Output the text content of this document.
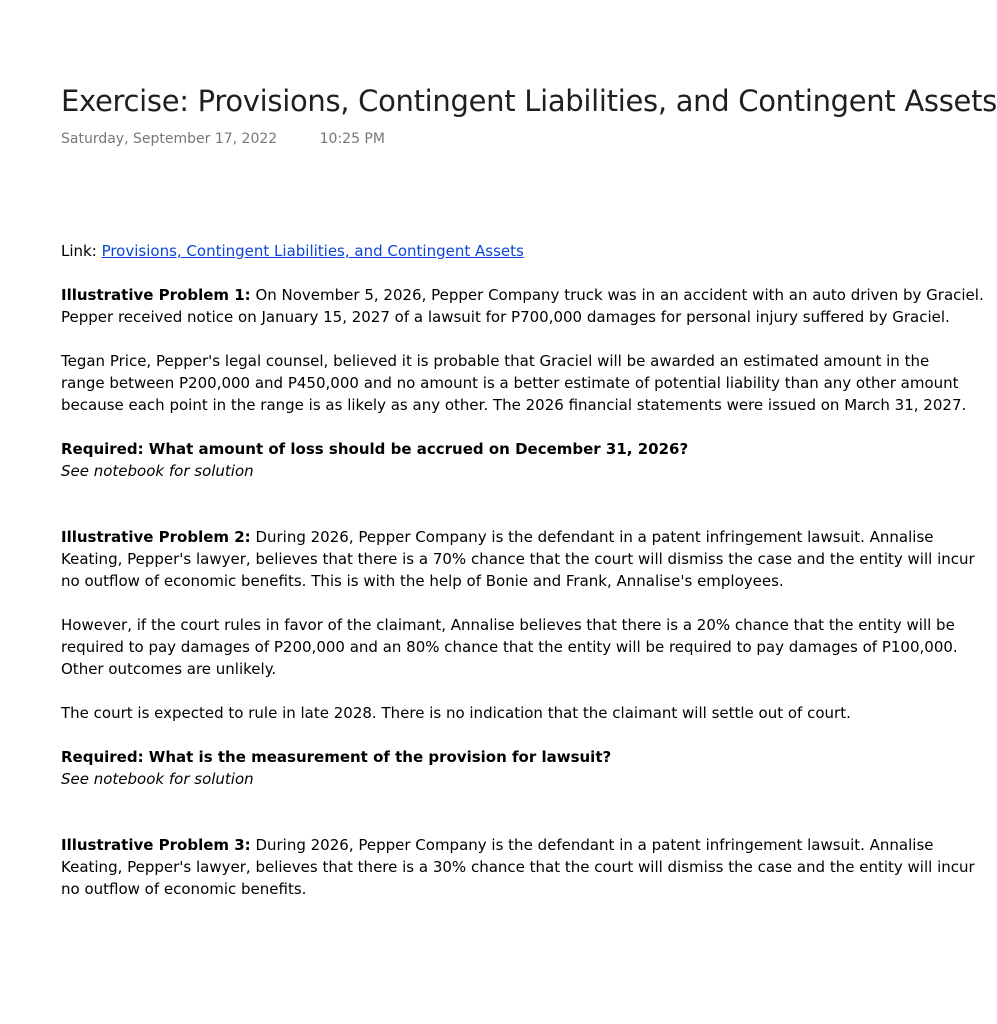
Exercise: Provisions, Contingent Liabilities, and Contingent Assets
Saturday, September 17, 2022	10:25 PM
Link: Provisions, Contingent Liabilities, and Contingent Assets
Illustrative Problem 1: On November 5, 2026, Pepper Company truck was in an accident with an auto driven by Graciel.
Pepper received notice on January 15, 2027 of a lawsuit for P700,000 damages for personal injury suffered by Graciel.
Tegan Price, Pepper's legal counsel, believed it is probable that Graciel will be awarded an estimated amount in the
range between P200,000 and P450,000 and no amount is a better estimate of potential liability than any other amount
because each point in the range is as likely as any other. The 2026 financial statements were issued on March 31, 2027.
Required: What amount of loss should be accrued on December 31, 2026?
See notebook for solution
Illustrative Problem 2: During 2026, Pepper Company is the defendant in a patent infringement lawsuit. Annalise
Keating, Pepper's lawyer, believes that there is a 70% chance that the court will dismiss the case and the entity will incur
no outflow of economic benefits. This is with the help of Bonie and Frank, Annalise's employees.
However, if the court rules in favor of the claimant, Annalise believes that there is a 20% chance that the entity will be
required to pay damages of P200,000 and an 80% chance that the entity will be required to pay damages of P100,000.
Other outcomes are unlikely.
The court is expected to rule in late 2028. There is no indication that the claimant will settle out of court.
Required: What is the measurement of the provision for lawsuit?
See notebook for solution
Illustrative Problem 3: During 2026, Pepper Company is the defendant in a patent infringement lawsuit. Annalise
Keating, Pepper's lawyer, believes that there is a 30% chance that the court will dismiss the case and the entity will incur
no outflow of economic benefits.
